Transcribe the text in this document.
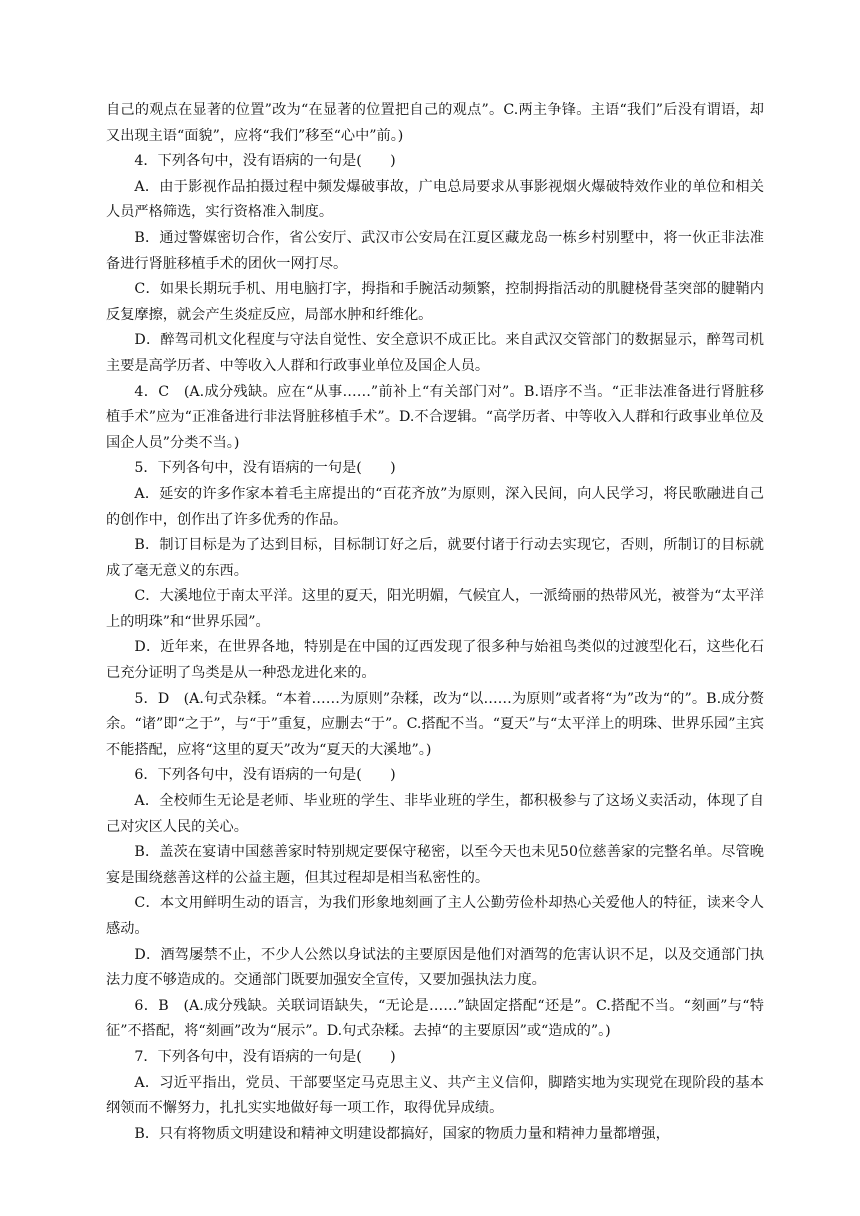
自己的观点在显著的位置”改为“在显著的位置把自己的观点”。C.两主争锋。主语“我们”后没有谓语，却又出现主语“面貌”，应将“我们”移至“心中”前。)

4．下列各句中，没有语病的一句是(　　)

A．由于影视作品拍摄过程中频发爆破事故，广电总局要求从事影视烟火爆破特效作业的单位和相关人员严格筛选，实行资格准入制度。

B．通过警媒密切合作，省公安厅、武汉市公安局在江夏区藏龙岛一栋乡村别墅中，将一伙正非法准备进行肾脏移植手术的团伙一网打尽。

C．如果长期玩手机、用电脑打字，拇指和手腕活动频繁，控制拇指活动的肌腱桡骨茎突部的腱鞘内反复摩擦，就会产生炎症反应，局部水肿和纤维化。

D．醉驾司机文化程度与守法自觉性、安全意识不成正比。来自武汉交管部门的数据显示，醉驾司机主要是高学历者、中等收入人群和行政事业单位及国企人员。

4．C　(A.成分残缺。应在“从事……”前补上“有关部门对”。B.语序不当。“正非法准备进行肾脏移植手术”应为“正准备进行非法肾脏移植手术”。D.不合逻辑。“高学历者、中等收入人群和行政事业单位及国企人员”分类不当。)

5．下列各句中，没有语病的一句是(　　)

A．延安的许多作家本着毛主席提出的“百花齐放”为原则，深入民间，向人民学习，将民歌融进自己的创作中，创作出了许多优秀的作品。

B．制订目标是为了达到目标，目标制订好之后，就要付诸于行动去实现它，否则，所制订的目标就成了毫无意义的东西。

C．大溪地位于南太平洋。这里的夏天，阳光明媚，气候宜人，一派绮丽的热带风光，被誉为“太平洋上的明珠”和“世界乐园”。

D．近年来，在世界各地，特别是在中国的辽西发现了很多种与始祖鸟类似的过渡型化石，这些化石已充分证明了鸟类是从一种恐龙进化来的。

5．D　(A.句式杂糅。“本着……为原则”杂糅，改为“以……为原则”或者将“为”改为“的”。B.成分赘余。“诸”即“之于”，与“于”重复，应删去“于”。C.搭配不当。“夏天”与“太平洋上的明珠、世界乐园”主宾不能搭配，应将“这里的夏天”改为“夏天的大溪地”。)

6．下列各句中，没有语病的一句是(　　)

A．全校师生无论是老师、毕业班的学生、非毕业班的学生，都积极参与了这场义卖活动，体现了自己对灾区人民的关心。

B．盖茨在宴请中国慈善家时特别规定要保守秘密，以至今天也未见50位慈善家的完整名单。尽管晚宴是围绕慈善这样的公益主题，但其过程却是相当私密性的。

C．本文用鲜明生动的语言，为我们形象地刻画了主人公勤劳俭朴却热心关爱他人的特征，读来令人感动。

D．酒驾屡禁不止，不少人公然以身试法的主要原因是他们对酒驾的危害认识不足，以及交通部门执法力度不够造成的。交通部门既要加强安全宣传，又要加强执法力度。

6．B　(A.成分残缺。关联词语缺失，“无论是……”缺固定搭配“还是”。C.搭配不当。“刻画”与“特征”不搭配，将“刻画”改为“展示”。D.句式杂糅。去掉“的主要原因”或“造成的”。)

7．下列各句中，没有语病的一句是(　　)

A．习近平指出，党员、干部要坚定马克思主义、共产主义信仰，脚踏实地为实现党在现阶段的基本纲领而不懈努力，扎扎实实地做好每一项工作，取得优异成绩。

B．只有将物质文明建设和精神文明建设都搞好，国家的物质力量和精神力量都增强，
